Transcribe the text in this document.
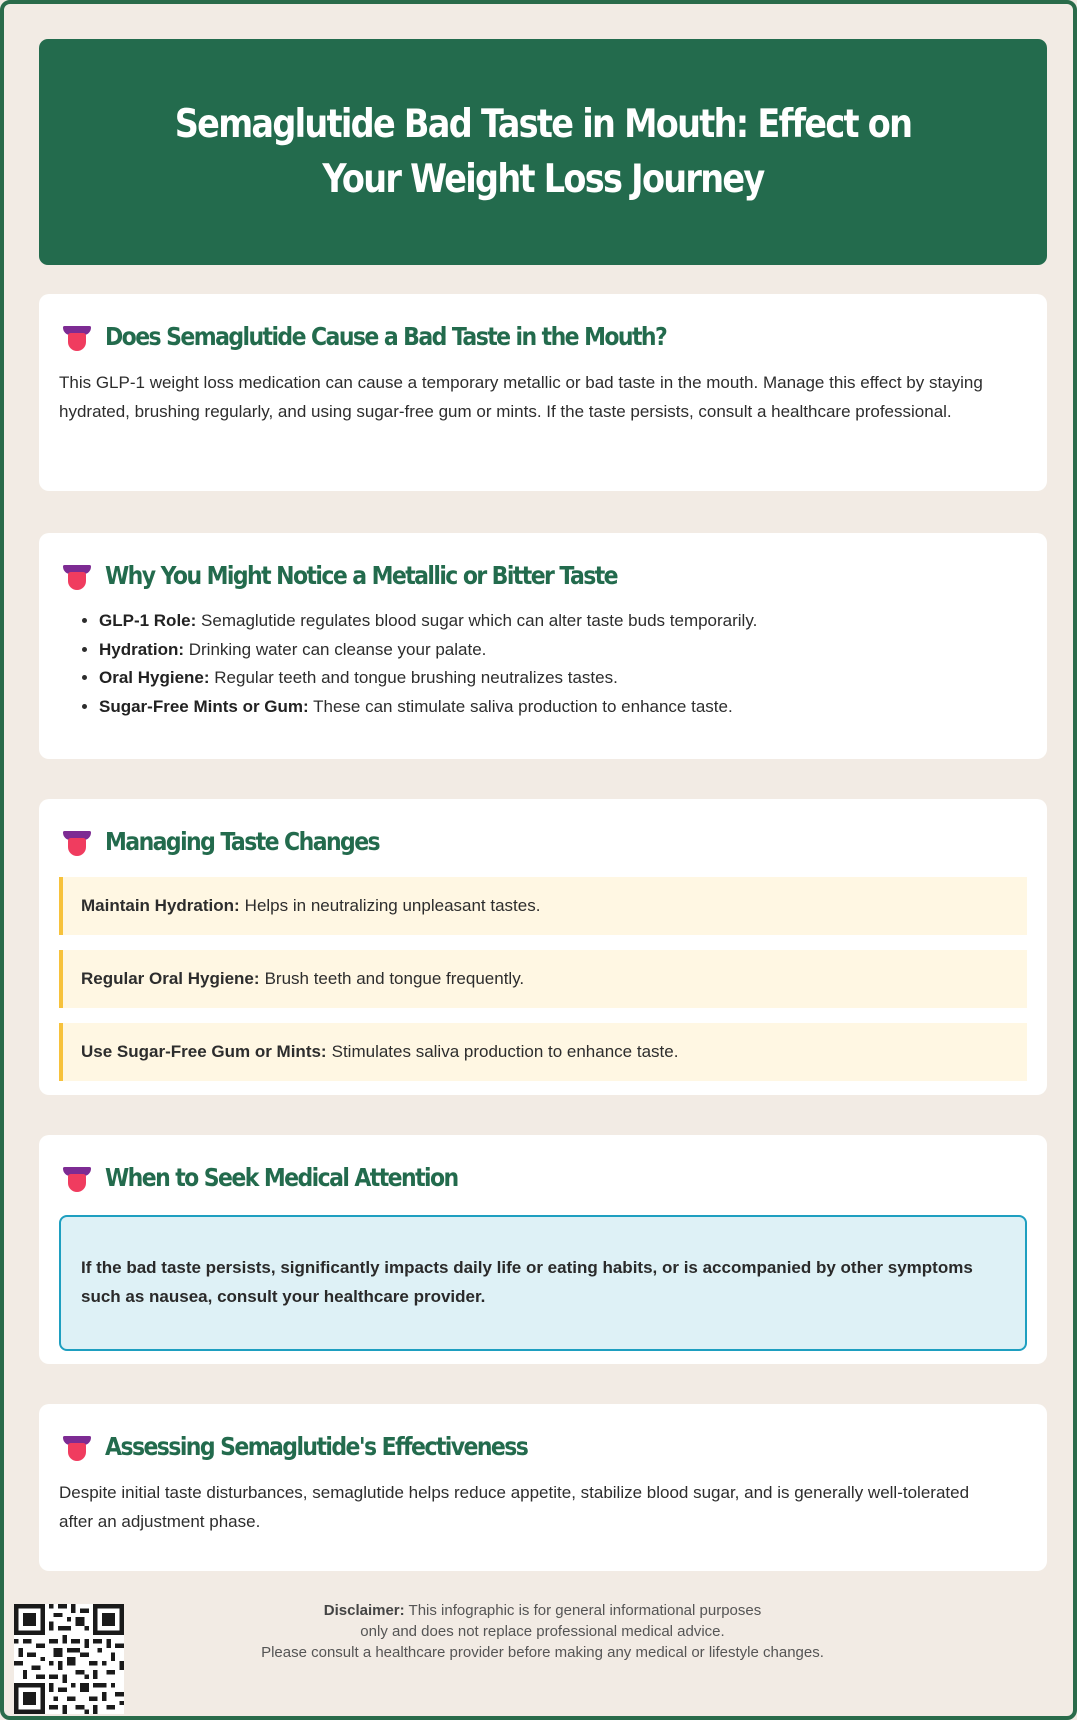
Semaglutide Bad Taste in Mouth: Effect on Your Weight Loss Journey
Does Semaglutide Cause a Bad Taste in the Mouth?

This GLP-1 weight loss medication can cause a temporary metallic or bad taste in the mouth. Manage this effect by staying hydrated, brushing regularly, and using sugar-free gum or mints. If the taste persists, consult a healthcare professional.

Why You Might Notice a Metallic or Bitter Taste
• GLP-1 Role: Semaglutide regulates blood sugar which can alter taste buds temporarily.
• Hydration: Drinking water can cleanse your palate.
• Oral Hygiene: Regular teeth and tongue brushing neutralizes tastes.
• Sugar-Free Mints or Gum: These can stimulate saliva production to enhance taste.
Managing Taste Changes
Maintain Hydration: Helps in neutralizing unpleasant tastes.
Regular Oral Hygiene: Brush teeth and tongue frequently.
Use Sugar-Free Gum or Mints: Stimulates saliva production to enhance taste.
When to Seek Medical Attention
If the bad taste persists, significantly impacts daily life or eating habits, or is accompanied by other symptoms such as nausea, consult your healthcare provider.
Assessing Semaglutide's Effectiveness

Despite initial taste disturbances, semaglutide helps reduce appetite, stabilize blood sugar, and is generally well-tolerated after an adjustment phase.

Disclaimer: This infographic is for general informational purposes
only and does not replace professional medical advice.
Please consult a healthcare provider before making any medical or lifestyle changes.
